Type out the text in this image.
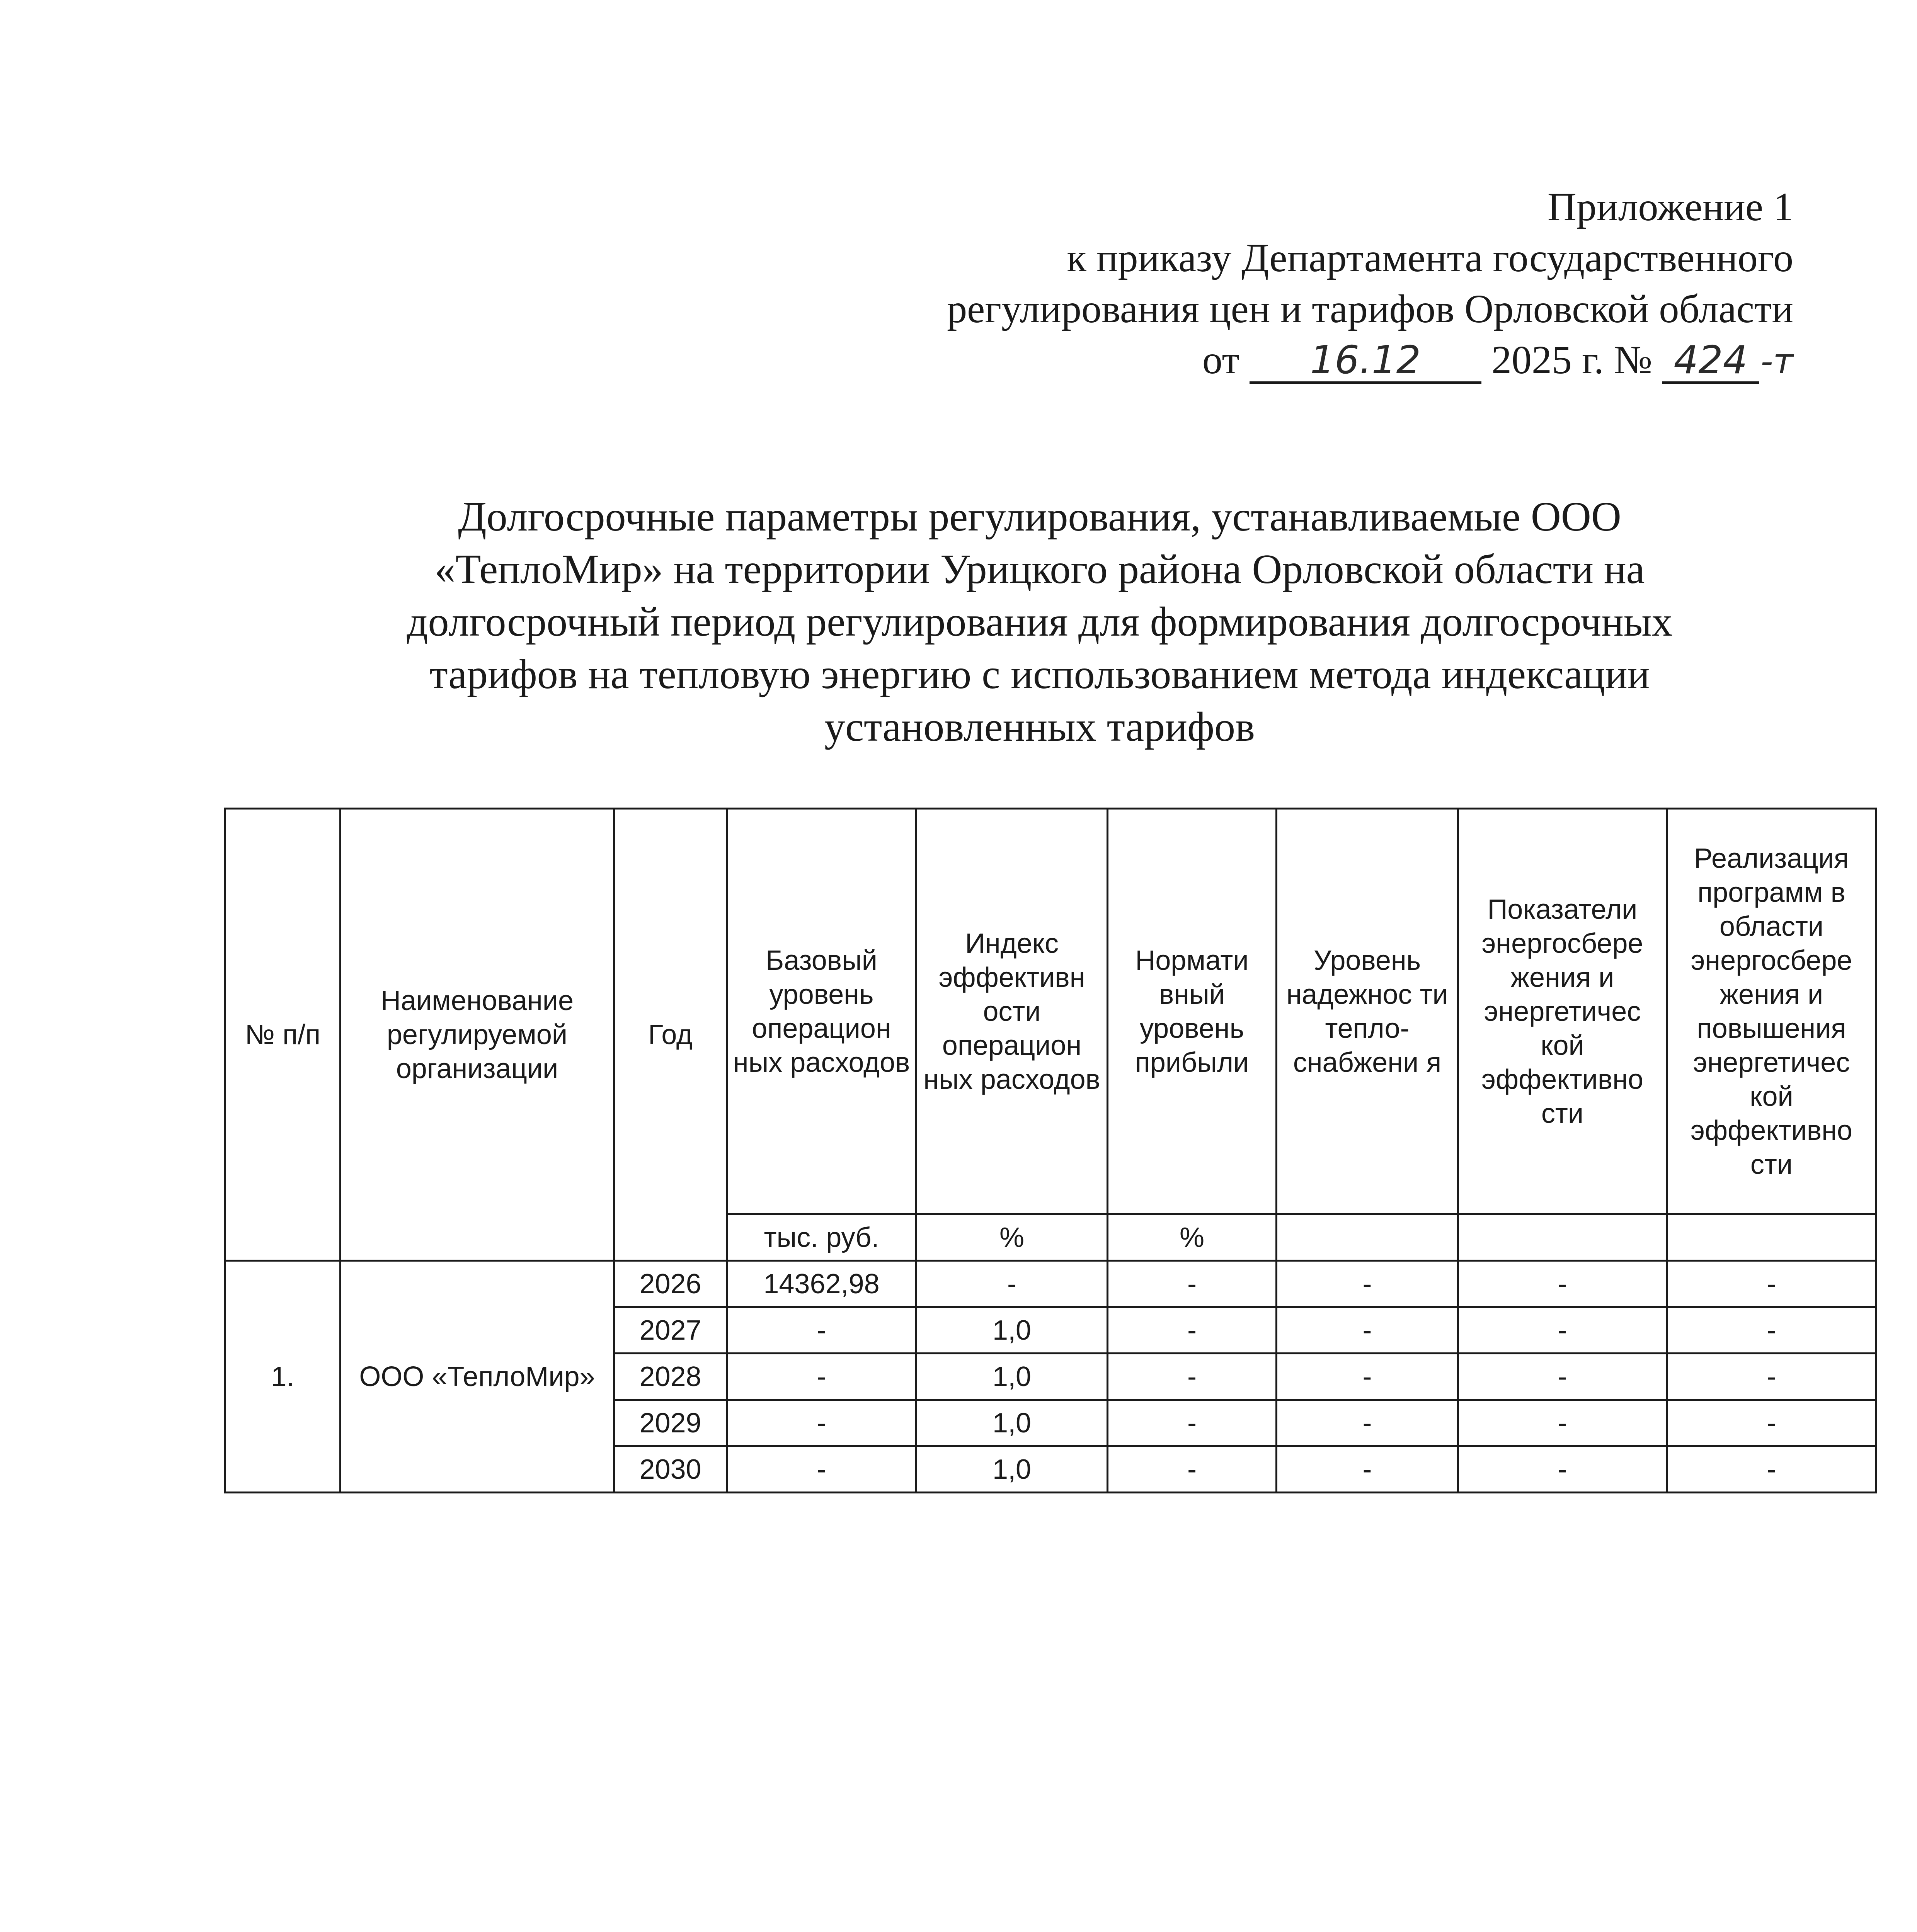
Приложение 1
к приказу Департамента государственного
регулирования цен и тарифов Орловской области
от 16.12 2025 г. № 424 -т
Долгосрочные параметры регулирования, устанавливаемые ООО
«ТеплоМир» на территории Урицкого района Орловской области на
долгосрочный период регулирования для формирования долгосрочных
тарифов на тепловую энергию с использованием метода индексации
установленных тарифов
№ п/п	Наименование регулируемой организации	Год	Базовый уровень операцион ных расходов	Индекс эффективн ости операцион ных расходов	Нормати вный уровень прибыли	Уровень надежнос ти тепло-снабжени я	Показатели энергосбере жения и энергетичес кой эффективно сти	Реализация программ в области энергосбере жения и повышения энергетичес кой эффективно сти
			тыс. руб.	%	%			
1.	ООО «ТеплоМир»	2026	14362,98	-	-	-	-	-
		2027	-	1,0	-	-	-	-
		2028	-	1,0	-	-	-	-
		2029	-	1,0	-	-	-	-
		2030	-	1,0	-	-	-	-
